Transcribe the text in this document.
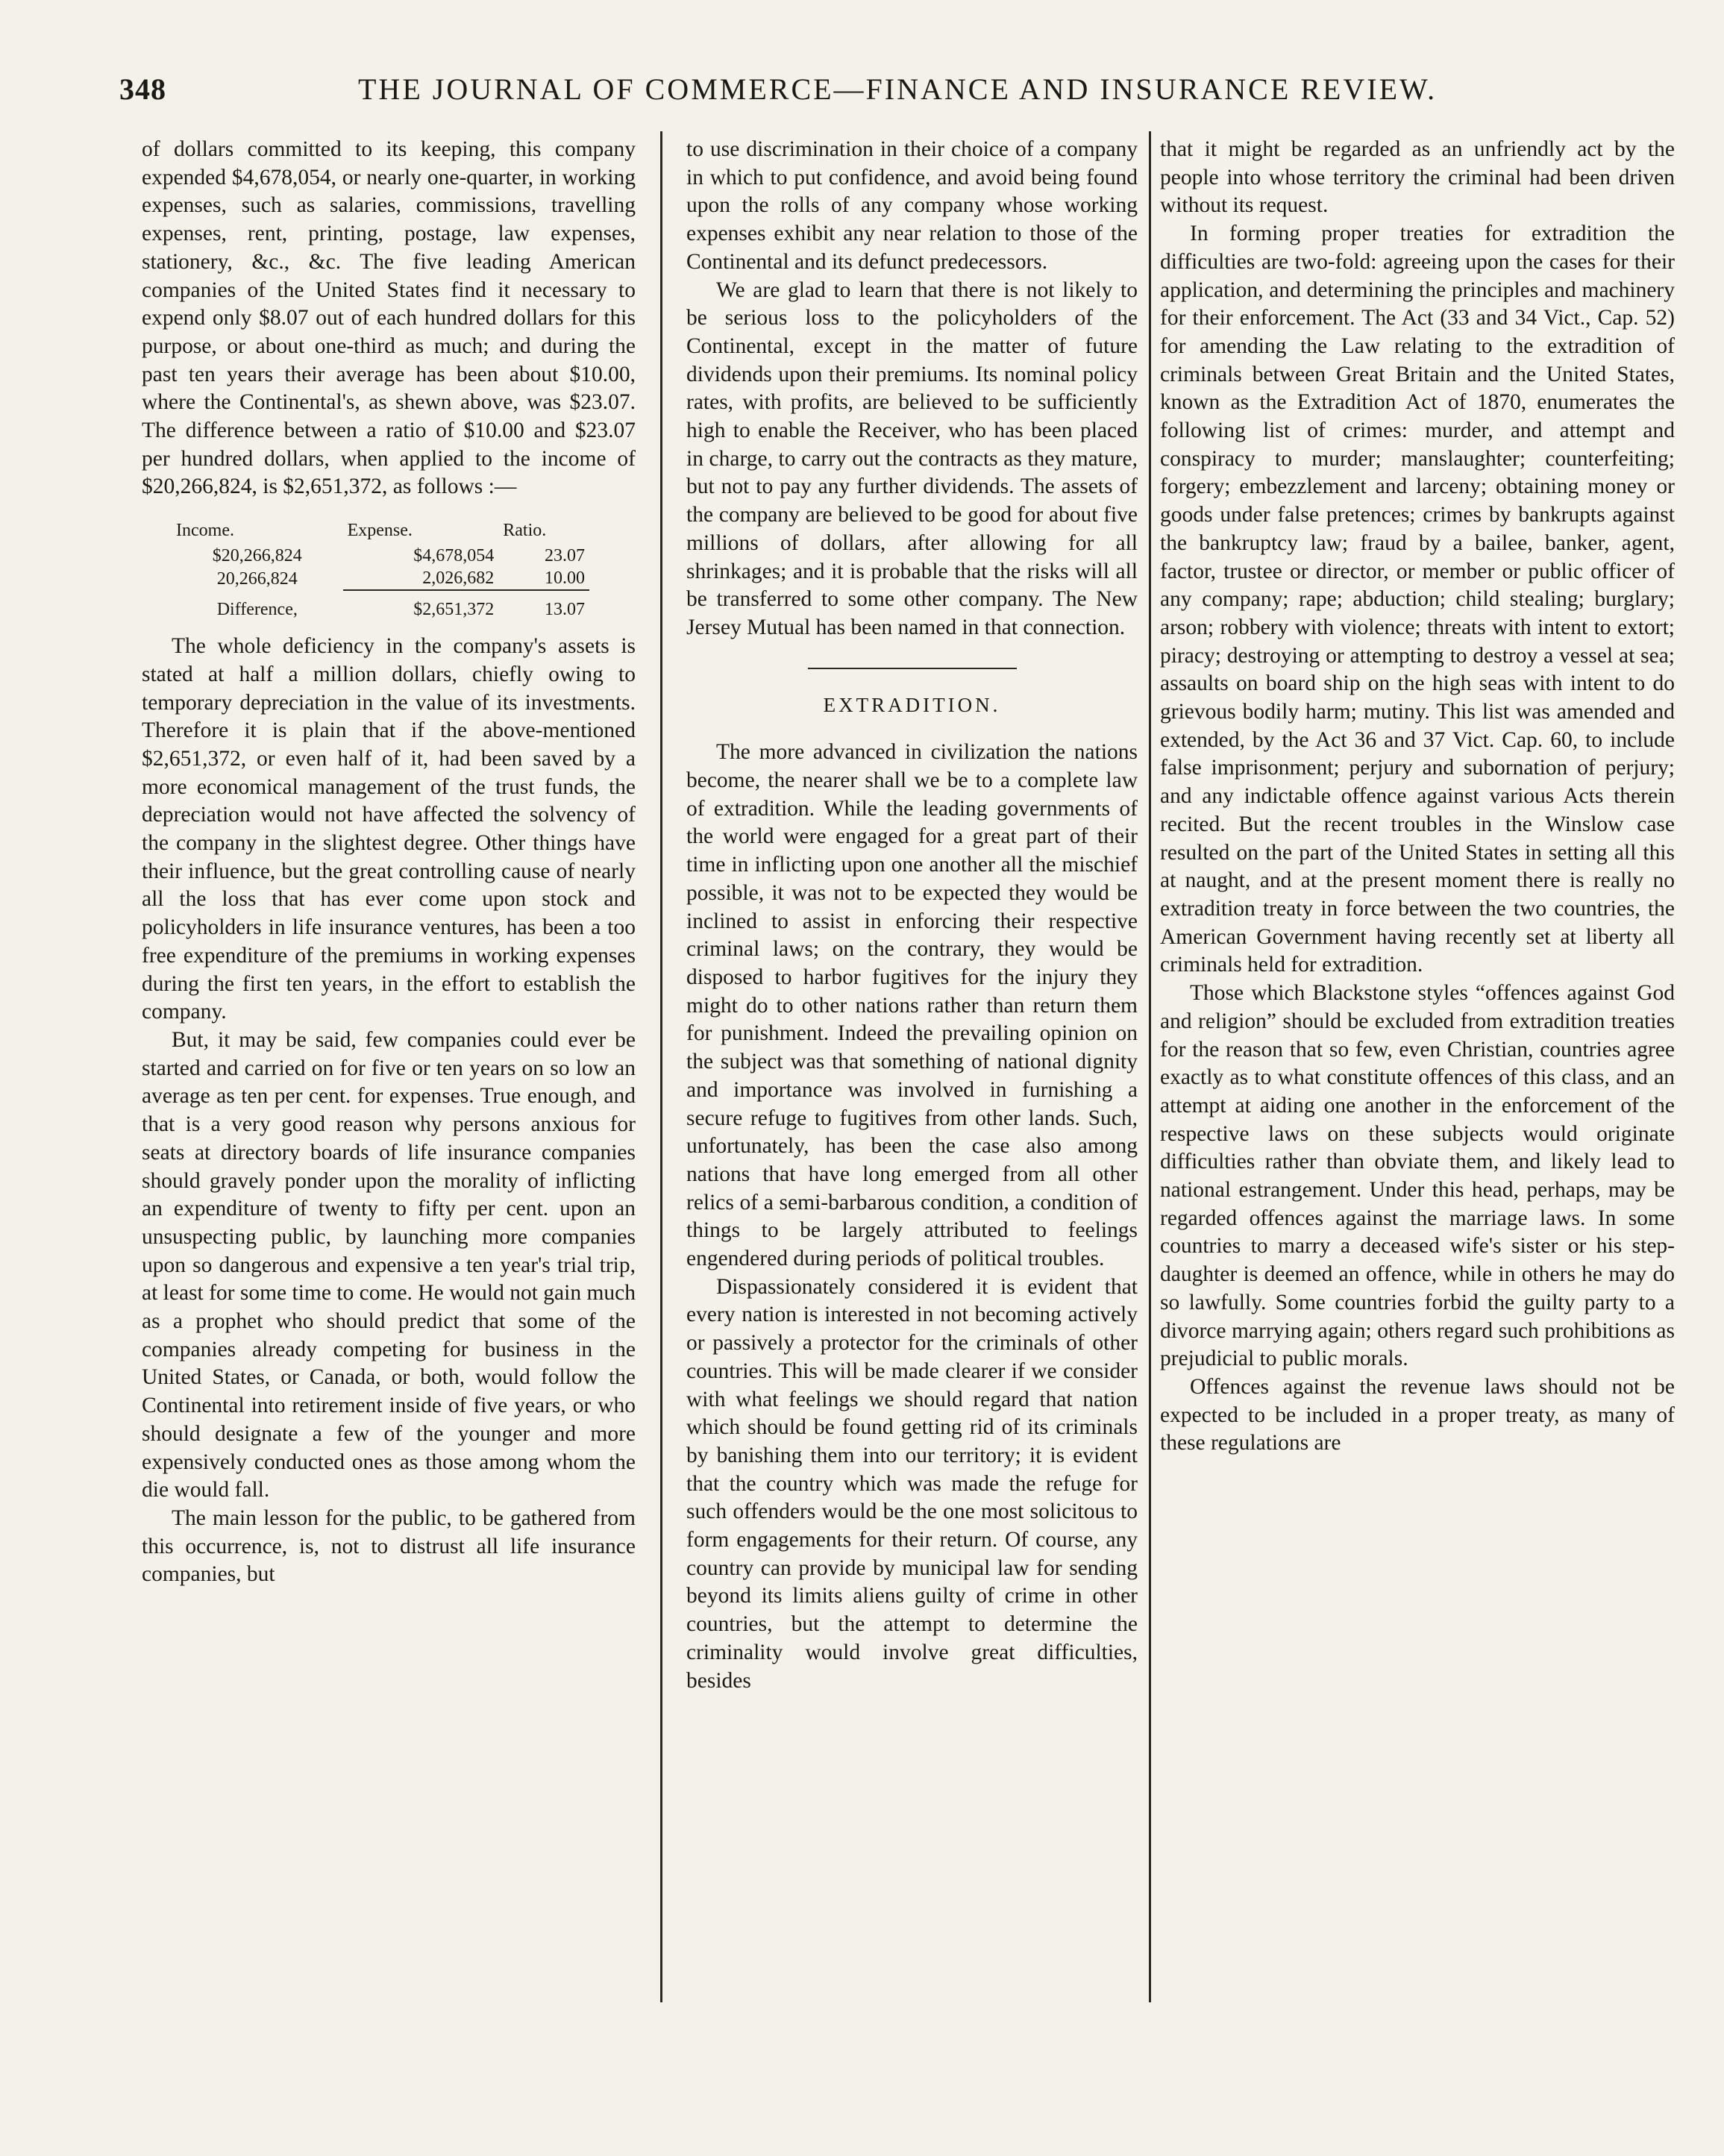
348	THE JOURNAL OF COMMERCE—FINANCE AND INSURANCE REVIEW.

of dollars committed to its keeping, this company expended $4,678,054, or nearly one-quarter, in working expenses, such as salaries, commissions, travelling expenses, rent, printing, postage, law expenses, stationery, &c., &c. The five leading American companies of the United States find it necessary to expend only $8.07 out of each hundred dollars for this purpose, or about one-third as much; and during the past ten years their average has been about $10.00, where the Continental's, as shewn above, was $23.07. The difference between a ratio of $10.00 and $23.07 per hundred dollars, when applied to the income of $20,266,824, is $2,651,372, as follows :—

Income.	Expense.	Ratio.
$20,266,824	$4,678,054	23.07
20,266,824	2,026,682	10.00
Difference,	$2,651,372	13.07

The whole deficiency in the company's assets is stated at half a million dollars, chiefly owing to temporary depreciation in the value of its investments. Therefore it is plain that if the above-mentioned $2,651,372, or even half of it, had been saved by a more economical management of the trust funds, the depreciation would not have affected the solvency of the company in the slightest degree. Other things have their influence, but the great controlling cause of nearly all the loss that has ever come upon stock and policyholders in life insurance ventures, has been a too free expenditure of the premiums in working expenses during the first ten years, in the effort to establish the company.

But, it may be said, few companies could ever be started and carried on for five or ten years on so low an average as ten per cent. for expenses. True enough, and that is a very good reason why persons anxious for seats at directory boards of life insurance companies should gravely ponder upon the morality of inflicting an expenditure of twenty to fifty per cent. upon an unsuspecting public, by launching more companies upon so dangerous and expensive a ten year's trial trip, at least for some time to come. He would not gain much as a prophet who should predict that some of the companies already competing for business in the United States, or Canada, or both, would follow the Continental into retirement inside of five years, or who should designate a few of the younger and more expensively conducted ones as those among whom the die would fall.

The main lesson for the public, to be gathered from this occurrence, is, not to distrust all life insurance companies, but

to use discrimination in their choice of a company in which to put confidence, and avoid being found upon the rolls of any company whose working expenses exhibit any near relation to those of the Continental and its defunct predecessors.

We are glad to learn that there is not likely to be serious loss to the policyholders of the Continental, except in the matter of future dividends upon their premiums. Its nominal policy rates, with profits, are believed to be sufficiently high to enable the Receiver, who has been placed in charge, to carry out the contracts as they mature, but not to pay any further dividends. The assets of the company are believed to be good for about five millions of dollars, after allowing for all shrinkages; and it is probable that the risks will all be transferred to some other company. The New Jersey Mutual has been named in that connection.

EXTRADITION.

The more advanced in civilization the nations become, the nearer shall we be to a complete law of extradition. While the leading governments of the world were engaged for a great part of their time in inflicting upon one another all the mischief possible, it was not to be expected they would be inclined to assist in enforcing their respective criminal laws; on the contrary, they would be disposed to harbor fugitives for the injury they might do to other nations rather than return them for punishment. Indeed the prevailing opinion on the subject was that something of national dignity and importance was involved in furnishing a secure refuge to fugitives from other lands. Such, unfortunately, has been the case also among nations that have long emerged from all other relics of a semi-barbarous condition, a condition of things to be largely attributed to feelings engendered during periods of political troubles.

Dispassionately considered it is evident that every nation is interested in not becoming actively or passively a protector for the criminals of other countries. This will be made clearer if we consider with what feelings we should regard that nation which should be found getting rid of its criminals by banishing them into our territory; it is evident that the country which was made the refuge for such offenders would be the one most solicitous to form engagements for their return. Of course, any country can provide by municipal law for sending beyond its limits aliens guilty of crime in other countries, but the attempt to determine the criminality would involve great difficulties, besides

that it might be regarded as an unfriendly act by the people into whose territory the criminal had been driven without its request.

In forming proper treaties for extradition the difficulties are two-fold: agreeing upon the cases for their application, and determining the principles and machinery for their enforcement. The Act (33 and 34 Vict., Cap. 52) for amending the Law relating to the extradition of criminals between Great Britain and the United States, known as the Extradition Act of 1870, enumerates the following list of crimes: murder, and attempt and conspiracy to murder; manslaughter; counterfeiting; forgery; embezzlement and larceny; obtaining money or goods under false pretences; crimes by bankrupts against the bankruptcy law; fraud by a bailee, banker, agent, factor, trustee or director, or member or public officer of any company; rape; abduction; child stealing; burglary; arson; robbery with violence; threats with intent to extort; piracy; destroying or attempting to destroy a vessel at sea; assaults on board ship on the high seas with intent to do grievous bodily harm; mutiny. This list was amended and extended, by the Act 36 and 37 Vict. Cap. 60, to include false imprisonment; perjury and subornation of perjury; and any indictable offence against various Acts therein recited. But the recent troubles in the Winslow case resulted on the part of the United States in setting all this at naught, and at the present moment there is really no extradition treaty in force between the two countries, the American Government having recently set at liberty all criminals held for extradition.

Those which Blackstone styles “offences against God and religion” should be excluded from extradition treaties for the reason that so few, even Christian, countries agree exactly as to what constitute offences of this class, and an attempt at aiding one another in the enforcement of the respective laws on these subjects would originate difficulties rather than obviate them, and likely lead to national estrangement. Under this head, perhaps, may be regarded offences against the marriage laws. In some countries to marry a deceased wife's sister or his step-daughter is deemed an offence, while in others he may do so lawfully. Some countries forbid the guilty party to a divorce marrying again; others regard such prohibitions as prejudicial to public morals.

Offences against the revenue laws should not be expected to be included in a proper treaty, as many of these regulations are
